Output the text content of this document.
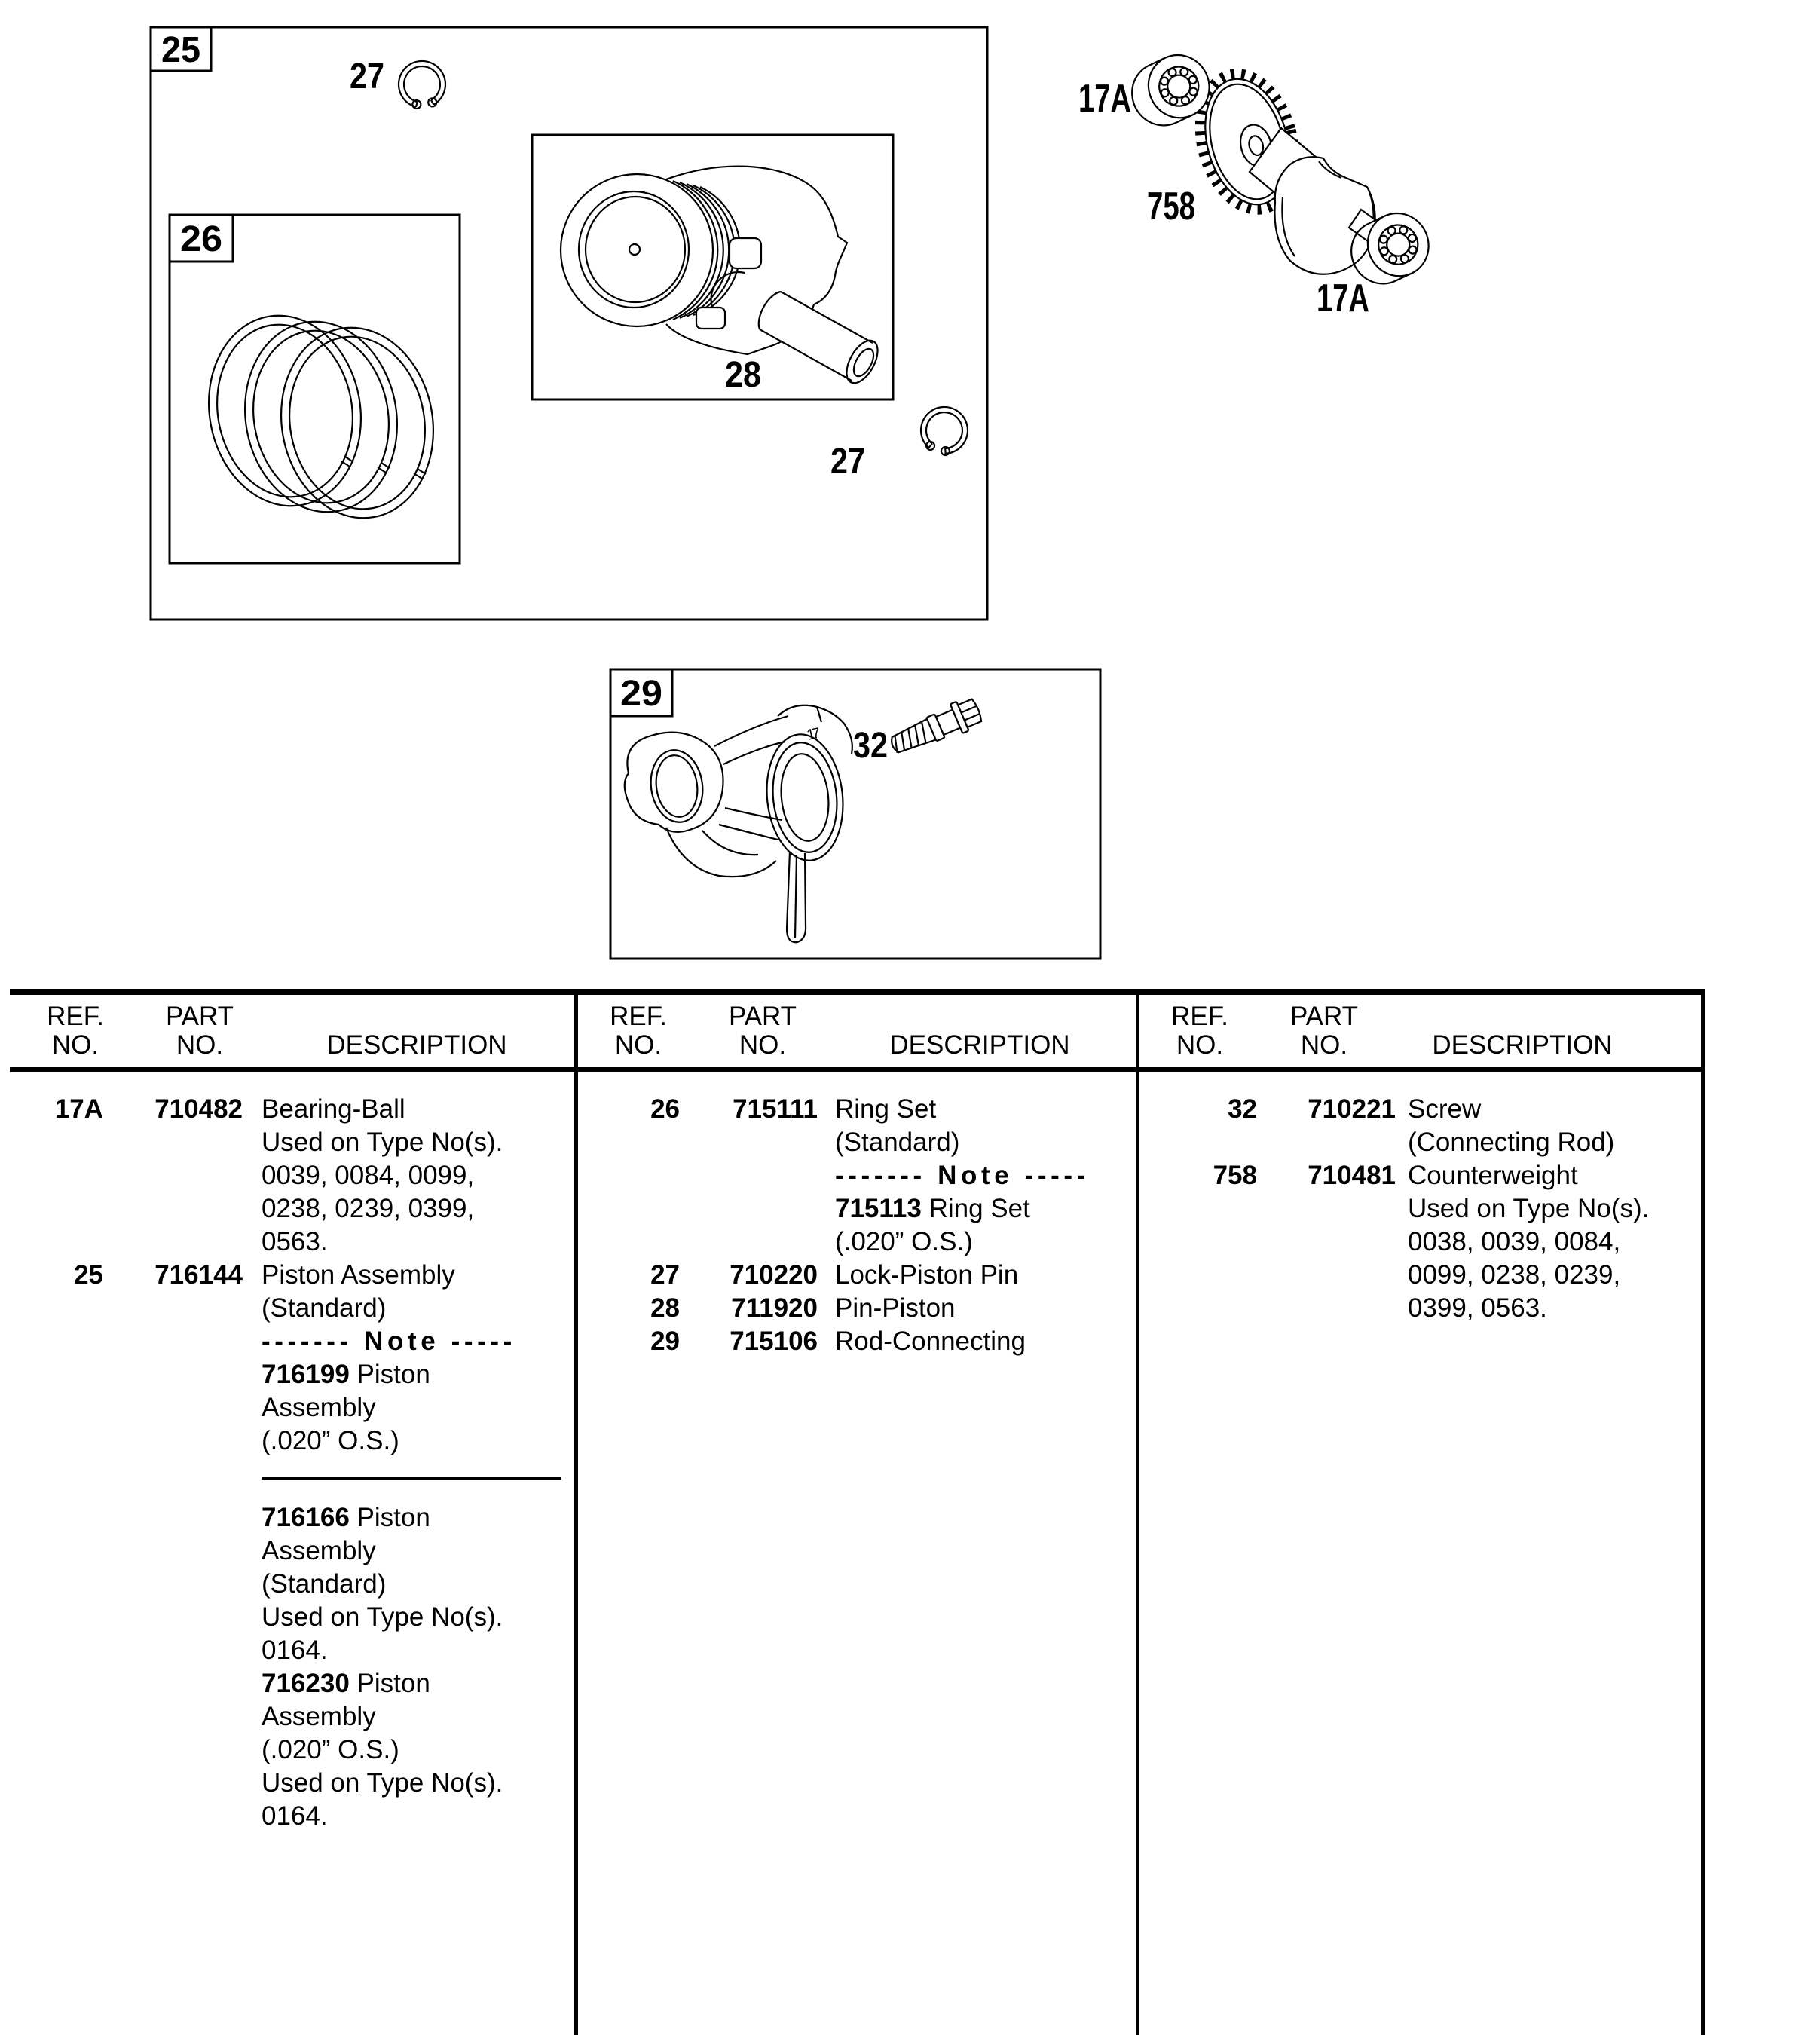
25
26
28
27
27
17A
758
17A
29
17 32
REF.
NO.
PART
NO.	DESCRIPTION
17A	710482 Bearing-Ball
Used on Type No(s).
0039, 0084, 0099,
0238, 0239, 0399,
0563.
25	716144 Piston Assembly
(Standard)
------- Note -----
716199 Piston
Assembly
(.020” O.S.)
716166 Piston
Assembly
(Standard)
Used on Type No(s).
0164.
716230 Piston
Assembly
(.020” O.S.)
Used on Type No(s).
0164.
REF.
NO.
PART
NO.	DESCRIPTION
26	715111 Ring Set
(Standard)
------- Note -----
715113 Ring Set
(.020” O.S.)
27	710220 Lock-Piston Pin
28	711920 Pin-Piston
29	715106 Rod-Connecting
REF.
NO.
PART
NO.	DESCRIPTION
32	710221 Screw
(Connecting Rod)
758	710481 Counterweight
Used on Type No(s).
0038, 0039, 0084,
0099, 0238, 0239,
0399, 0563.
